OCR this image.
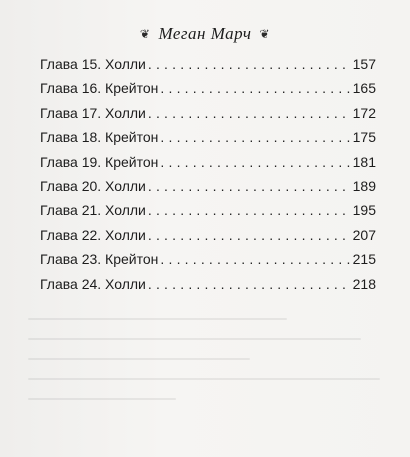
❦ Меган Марч ❦
Глава 15. Холли .....	157
Глава 16. Крейтон .....	165
Глава 17. Холли .....	172
Глава 18. Крейтон .....	175
Глава 19. Крейтон .....	181
Глава 20. Холли .....	189
Глава 21. Холли .....	195
Глава 22. Холли .....	207
Глава 23. Крейтон .....	215
Глава 24. Холли .....	218
